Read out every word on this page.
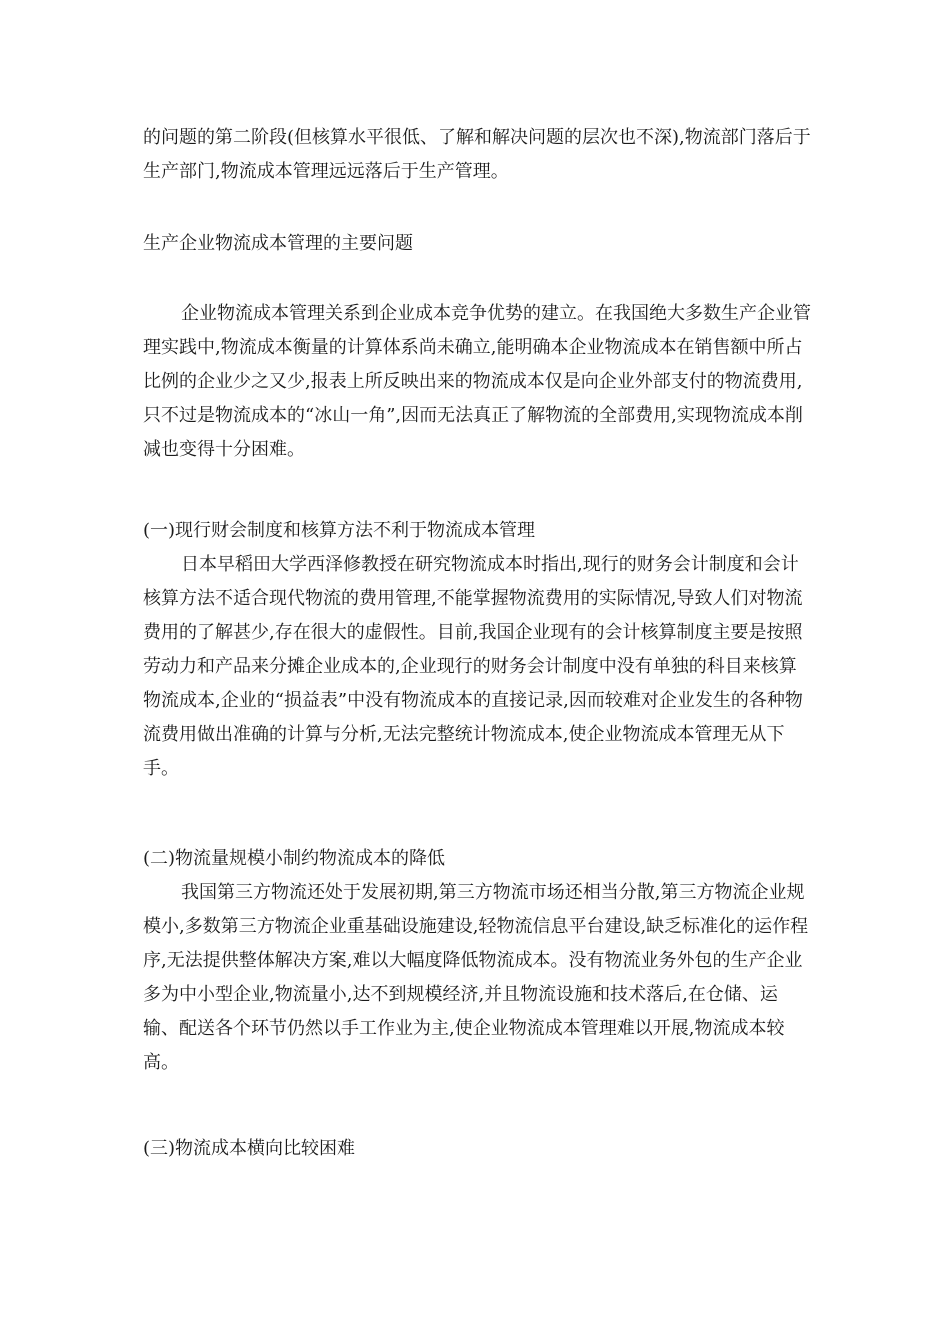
的问题的第二阶段(但核算水平很低、了解和解决问题的层次也不深),物流部门落后于生产部门,物流成本管理远远落后于生产管理。

生产企业物流成本管理的主要问题

企业物流成本管理关系到企业成本竞争优势的建立。在我国绝大多数生产企业管理实践中,物流成本衡量的计算体系尚未确立,能明确本企业物流成本在销售额中所占比例的企业少之又少,报表上所反映出来的物流成本仅是向企业外部支付的物流费用,只不过是物流成本的“冰山一角”,因而无法真正了解物流的全部费用,实现物流成本削减也变得十分困难。

(一)现行财会制度和核算方法不利于物流成本管理

日本早稻田大学西泽修教授在研究物流成本时指出,现行的财务会计制度和会计核算方法不适合现代物流的费用管理,不能掌握物流费用的实际情况,导致人们对物流费用的了解甚少,存在很大的虚假性。目前,我国企业现有的会计核算制度主要是按照劳动力和产品来分摊企业成本的,企业现行的财务会计制度中没有单独的科目来核算物流成本,企业的“损益表”中没有物流成本的直接记录,因而较难对企业发生的各种物流费用做出准确的计算与分析,无法完整统计物流成本,使企业物流成本管理无从下手。

(二)物流量规模小制约物流成本的降低

我国第三方物流还处于发展初期,第三方物流市场还相当分散,第三方物流企业规模小,多数第三方物流企业重基础设施建设,轻物流信息平台建设,缺乏标准化的运作程序,无法提供整体解决方案,难以大幅度降低物流成本。没有物流业务外包的生产企业多为中小型企业,物流量小,达不到规模经济,并且物流设施和技术落后,在仓储、运输、配送各个环节仍然以手工作业为主,使企业物流成本管理难以开展,物流成本较高。

(三)物流成本横向比较困难
